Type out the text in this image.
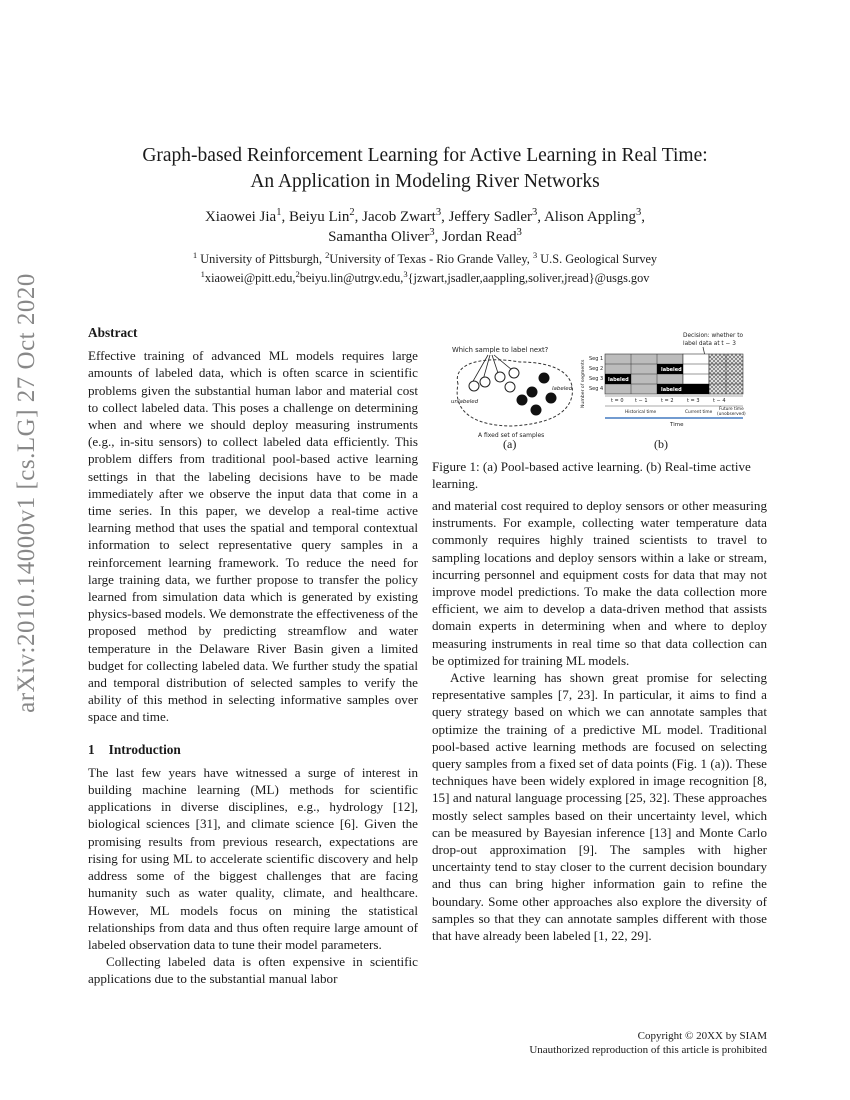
arXiv:2010.14000v1 [cs.LG] 27 Oct 2020
Graph-based Reinforcement Learning for Active Learning in Real Time:
An Application in Modeling River Networks
Xiaowei Jia$^1$, Beiyu Lin$^2$, Jacob Zwart$^3$, Jeffery Sadler$^3$, Alison Appling$^3$,
Samantha Oliver$^3$, Jordan Read$^3$
$^1$ University of Pittsburgh, $^2$University of Texas - Rio Grande Valley, $^3$ U.S. Geological Survey
$^1$xiaowei@pitt.edu,$^2$beiyu.lin@utrgv.edu,$^3${jzwart,jsadler,aappling,soliver,jread}@usgs.gov
Abstract

Effective training of advanced ML models requires large amounts of labeled data, which is often scarce in scientific problems given the substantial human labor and material cost to collect labeled data. This poses a challenge on determining when and where we should deploy measuring instruments (e.g., in-situ sensors) to collect labeled data efficiently. This problem differs from traditional pool-based active learning settings in that the labeling decisions have to be made immediately after we observe the input data that come in a time series. In this paper, we develop a real-time active learning method that uses the spatial and temporal contextual information to select representative query samples in a reinforcement learning framework. To reduce the need for large training data, we further propose to transfer the policy learned from simulation data which is generated by existing physics-based models. We demonstrate the effectiveness of the proposed method by predicting streamflow and water temperature in the Delaware River Basin given a limited budget for collecting labeled data. We further study the spatial and temporal distribution of selected samples to verify the ability of this method in selecting informative samples over space and time.

1 Introduction

The last few years have witnessed a surge of interest in building machine learning (ML) methods for scientific applications in diverse disciplines, e.g., hydrology [12], biological sciences [31], and climate science [6]. Given the promising results from previous research, expectations are rising for using ML to accelerate scientific discovery and help address some of the biggest challenges that are facing humanity such as water quality, climate, and healthcare. However, ML models focus on mining the statistical relationships from data and thus often require large amount of labeled observation data to tune their model parameters.

Collecting labeled data is often expensive in scientific applications due to the substantial manual labor

Which sample to label next?
unlabeled
labeled
A fixed set of samples
(a)
Decision: whether to
label data at t − 3
Number of segments
Seg 1
Seg 2
Seg 3
Seg 4
labeled
labeled
labeled
t = 0 t − 1	t = 2	t = 3	t − 4
Historical time	Current time
Future time
(unobserved)
Time
(b)
Figure 1: (a) Pool-based active learning. (b) Real-time active learning.

and material cost required to deploy sensors or other measuring instruments. For example, collecting water temperature data commonly requires highly trained scientists to travel to sampling locations and deploy sensors within a lake or stream, incurring personnel and equipment costs for data that may not improve model predictions. To make the data collection more efficient, we aim to develop a data-driven method that assists domain experts in determining when and where to deploy measuring instruments in real time so that data collection can be optimized for training ML models.

Active learning has shown great promise for selecting representative samples [7, 23]. In particular, it aims to find a query strategy based on which we can annotate samples that optimize the training of a predictive ML model. Traditional pool-based active learning methods are focused on selecting query samples from a fixed set of data points (Fig. 1 (a)). These techniques have been widely explored in image recognition [8, 15] and natural language processing [25, 32]. These approaches mostly select samples based on their uncertainty level, which can be measured by Bayesian inference [13] and Monte Carlo drop-out approximation [9]. The samples with higher uncertainty tend to stay closer to the current decision boundary and thus can bring higher information gain to refine the boundary. Some other approaches also explore the diversity of samples so that they can annotate samples different with those that have already been labeled [1, 22, 29].

Copyright © 20XX by SIAM
Unauthorized reproduction of this article is prohibited
